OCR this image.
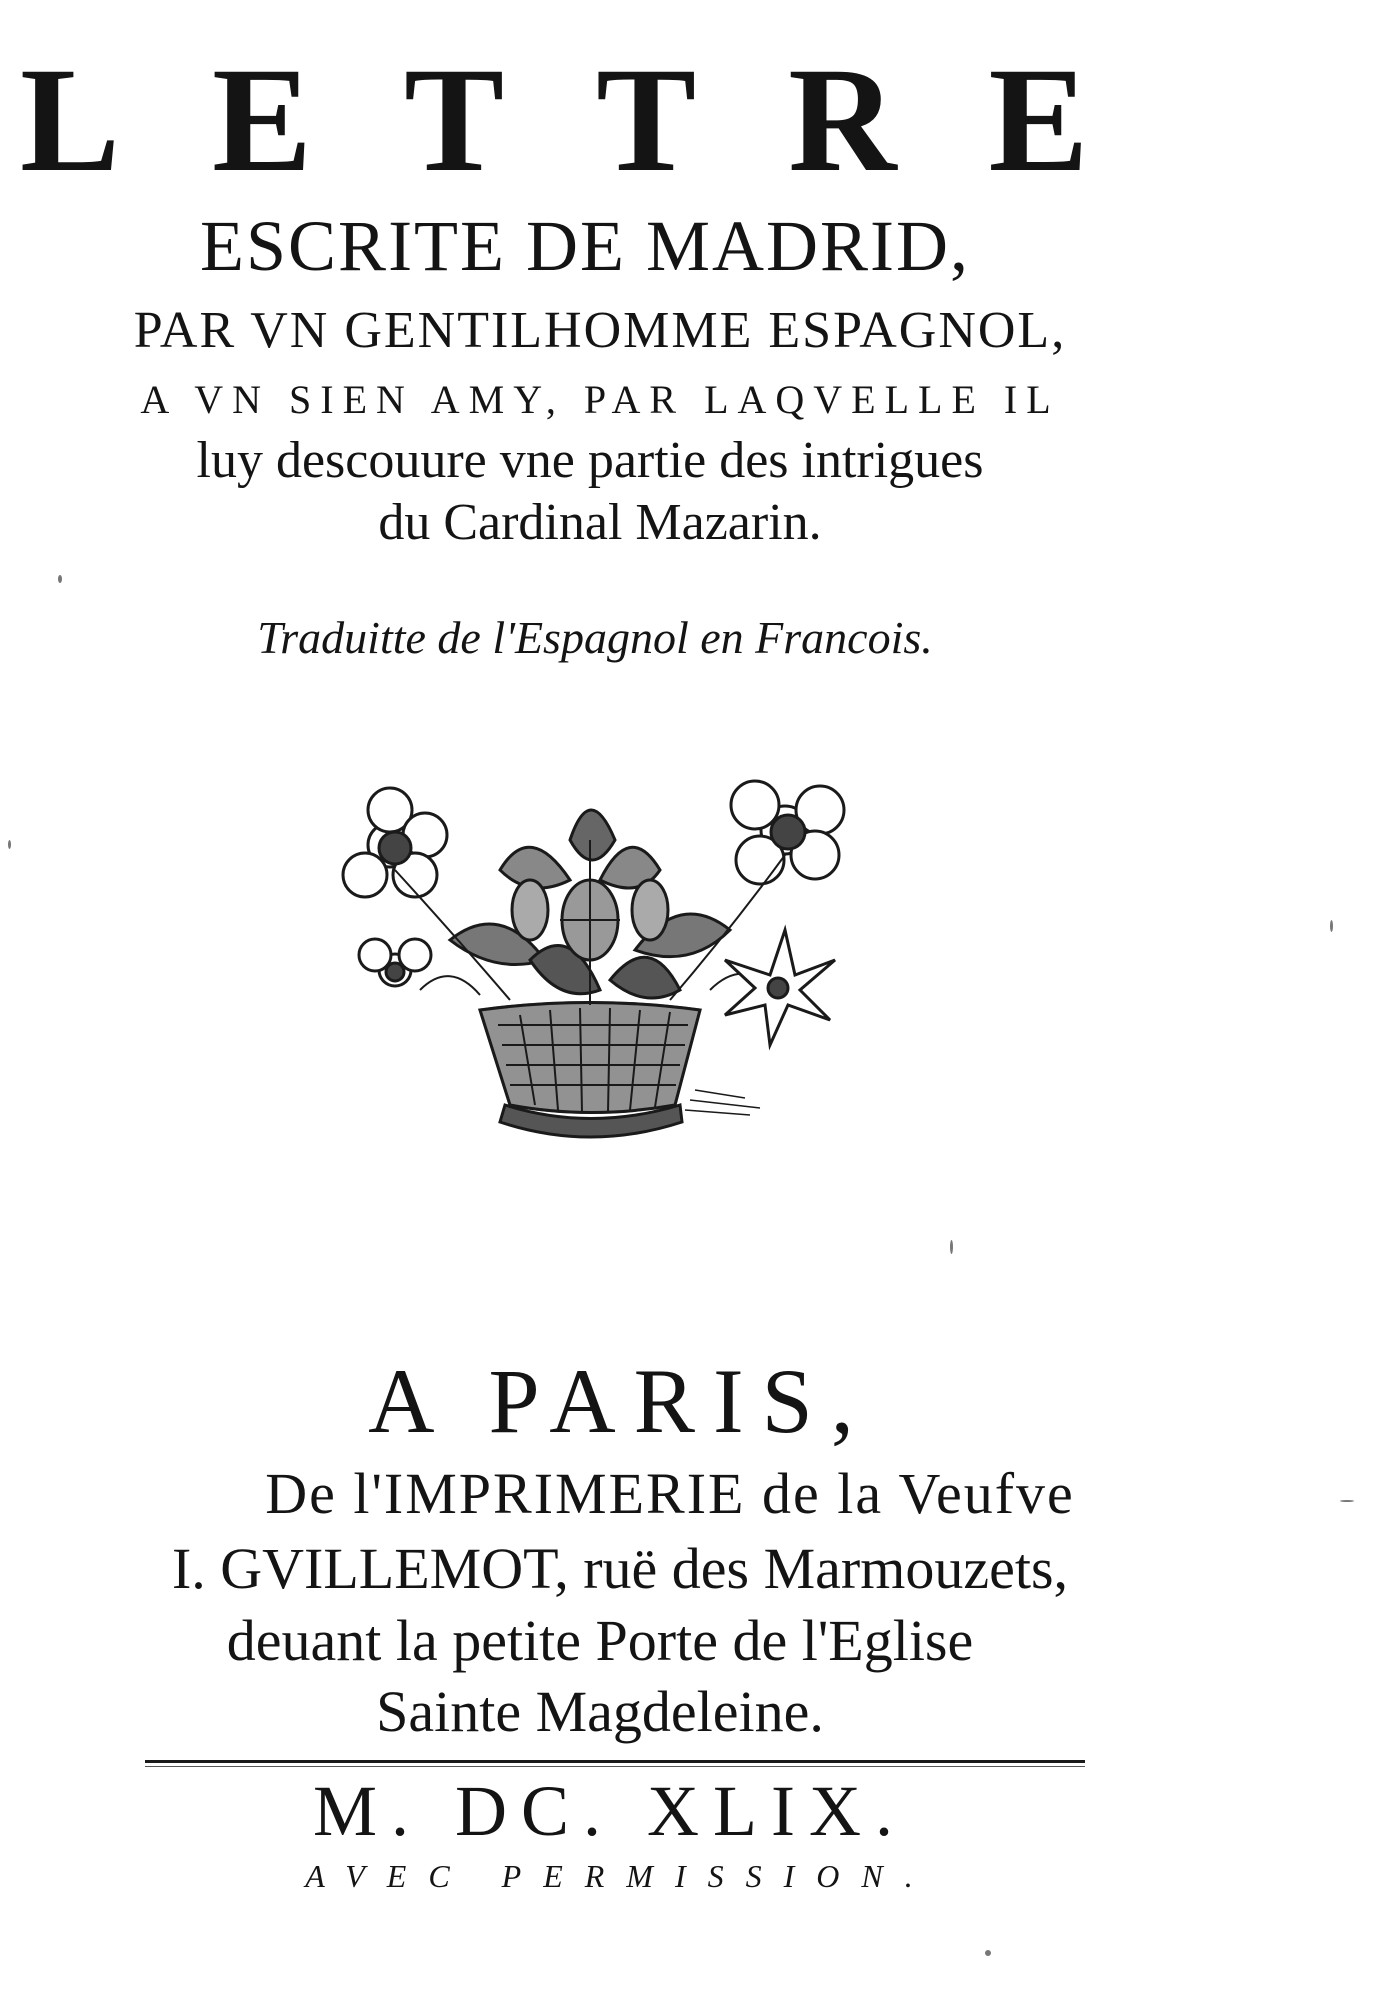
LETTRE

ESCRITE DE MADRID,

PAR VN GENTILHOMME ESPAGNOL,

A VN SIEN AMY, PAR LAQVELLE IL

luy descouure vne partie des intrigues

du Cardinal Mazarin.

Traduitte de l'Espagnol en Francois.

A PARIS,

De l'IMPRIMERIE de la Veufve

I. GVILLEMOT, ruë des Marmouzets,

deuant la petite Porte de l'Eglise

Sainte Magdeleine.

M. DC. XLIX.

AVEC PERMISSION.
